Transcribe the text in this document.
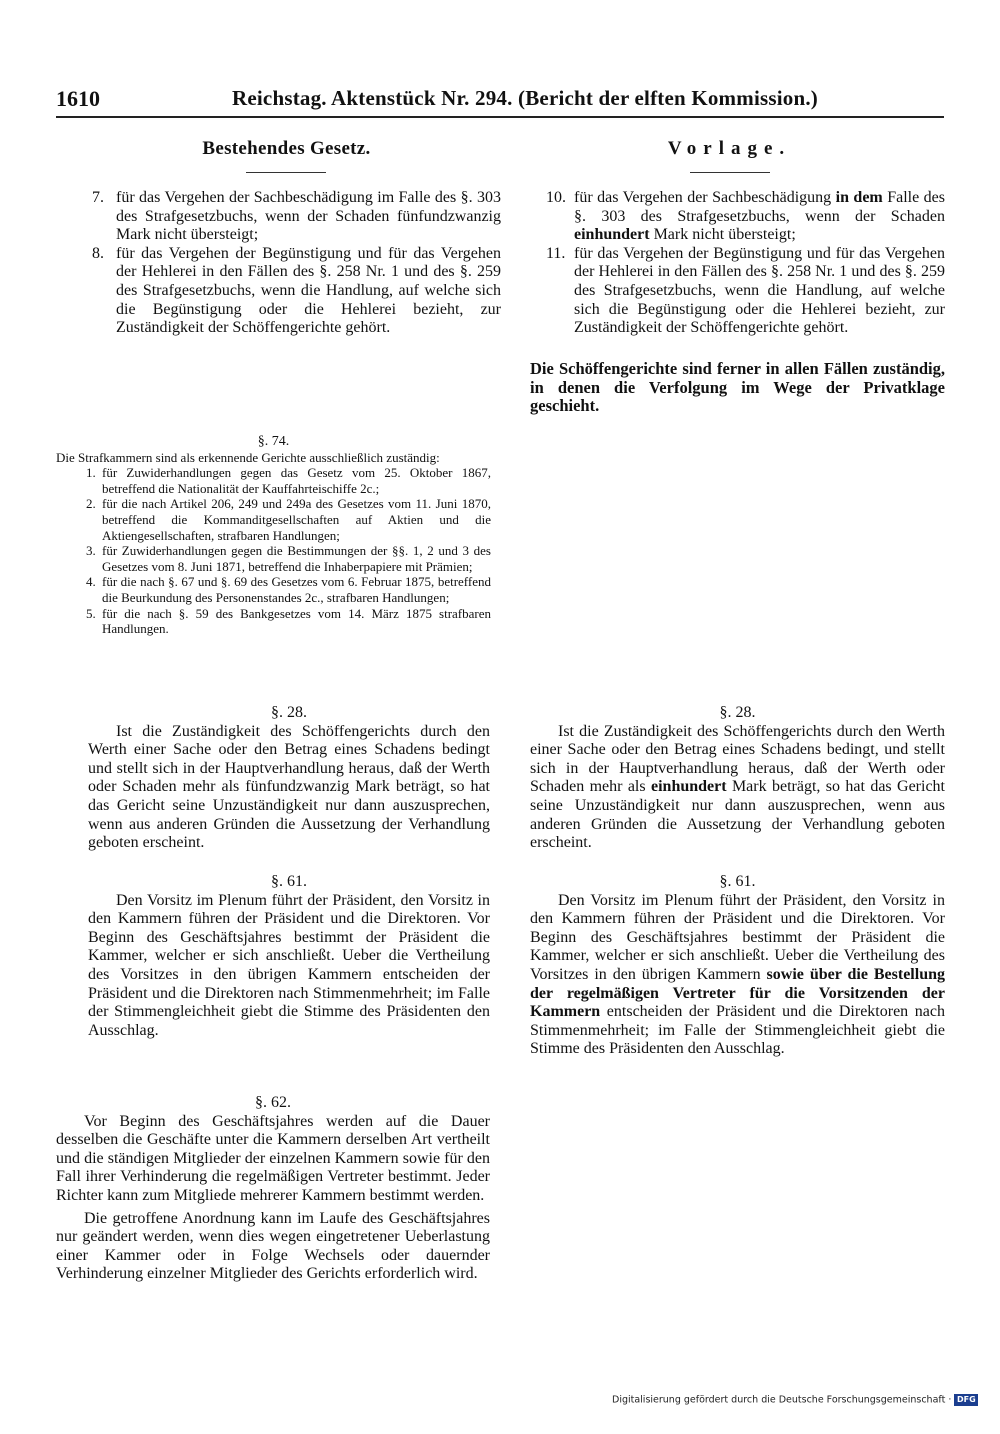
1610	Reichstag. Aktenstück Nr. 294. (Bericht der elften Kommission.)
Bestehendes Gesetz.	Vorlage.

7. für das Vergehen der Sachbeschädigung im Falle des §. 303 des Strafgesetzbuchs, wenn der Schaden fünfundzwanzig Mark nicht übersteigt;

8. für das Vergehen der Begünstigung und für das Vergehen der Hehlerei in den Fällen des §. 258 Nr. 1 und des §. 259 des Strafgesetzbuchs, wenn die Handlung, auf welche sich die Begünstigung oder die Hehlerei bezieht, zur Zuständigkeit der Schöffengerichte gehört.

10. für das Vergehen der Sachbeschädigung in dem Falle des §. 303 des Strafgesetzbuchs, wenn der Schaden einhundert Mark nicht übersteigt;

11. für das Vergehen der Begünstigung und für das Vergehen der Hehlerei in den Fällen des §. 258 Nr. 1 und des §. 259 des Strafgesetzbuchs, wenn die Handlung, auf welche sich die Begünstigung oder die Hehlerei bezieht, zur Zuständigkeit der Schöffengerichte gehört.

Die Schöffengerichte sind ferner in allen Fällen zuständig, in denen die Verfolgung im Wege der Privatklage geschieht.

§. 74.

Die Strafkammern sind als erkennende Gerichte ausschließlich zuständig:

1. für Zuwiderhandlungen gegen das Gesetz vom 25. Oktober 1867, betreffend die Nationalität der Kauffahrteischiffe 2c.;

2. für die nach Artikel 206, 249 und 249a des Gesetzes vom 11. Juni 1870, betreffend die Kommanditgesellschaften auf Aktien und die Aktiengesellschaften, strafbaren Handlungen;

3. für Zuwiderhandlungen gegen die Bestimmungen der §§. 1, 2 und 3 des Gesetzes vom 8. Juni 1871, betreffend die Inhaberpapiere mit Prämien;

4. für die nach §. 67 und §. 69 des Gesetzes vom 6. Februar 1875, betreffend die Beurkundung des Personenstandes 2c., strafbaren Handlungen;

5. für die nach §. 59 des Bankgesetzes vom 14. März 1875 strafbaren Handlungen.

§. 28.

Ist die Zuständigkeit des Schöffengerichts durch den Werth einer Sache oder den Betrag eines Schadens bedingt und stellt sich in der Hauptverhandlung heraus, daß der Werth oder Schaden mehr als fünfundzwanzig Mark beträgt, so hat das Gericht seine Unzuständigkeit nur dann auszusprechen, wenn aus anderen Gründen die Aussetzung der Verhandlung geboten erscheint.

§. 28.

Ist die Zuständigkeit des Schöffengerichts durch den Werth einer Sache oder den Betrag eines Schadens bedingt, und stellt sich in der Hauptverhandlung heraus, daß der Werth oder Schaden mehr als einhundert Mark beträgt, so hat das Gericht seine Unzuständigkeit nur dann auszusprechen, wenn aus anderen Gründen die Aussetzung der Verhandlung geboten erscheint.

§. 61.

Den Vorsitz im Plenum führt der Präsident, den Vorsitz in den Kammern führen der Präsident und die Direktoren. Vor Beginn des Geschäftsjahres bestimmt der Präsident die Kammer, welcher er sich anschließt. Ueber die Vertheilung des Vorsitzes in den übrigen Kammern entscheiden der Präsident und die Direktoren nach Stimmenmehrheit; im Falle der Stimmengleichheit giebt die Stimme des Präsidenten den Ausschlag.

§. 61.

Den Vorsitz im Plenum führt der Präsident, den Vorsitz in den Kammern führen der Präsident und die Direktoren. Vor Beginn des Geschäftsjahres bestimmt der Präsident die Kammer, welcher er sich anschließt. Ueber die Vertheilung des Vorsitzes in den übrigen Kammern sowie über die Bestellung der regelmäßigen Vertreter für die Vorsitzenden der Kammern entscheiden der Präsident und die Direktoren nach Stimmenmehrheit; im Falle der Stimmengleichheit giebt die Stimme des Präsidenten den Ausschlag.

§. 62.

Vor Beginn des Geschäftsjahres werden auf die Dauer desselben die Geschäfte unter die Kammern derselben Art vertheilt und die ständigen Mitglieder der einzelnen Kammern sowie für den Fall ihrer Verhinderung die regelmäßigen Vertreter bestimmt. Jeder Richter kann zum Mitgliede mehrerer Kammern bestimmt werden.

Die getroffene Anordnung kann im Laufe des Geschäftsjahres nur geändert werden, wenn dies wegen eingetretener Ueberlastung einer Kammer oder in Folge Wechsels oder dauernder Verhinderung einzelner Mitglieder des Gerichts erforderlich wird.

Digitalisierung gefördert durch die Deutsche Forschungsgemeinschaft · DFG
